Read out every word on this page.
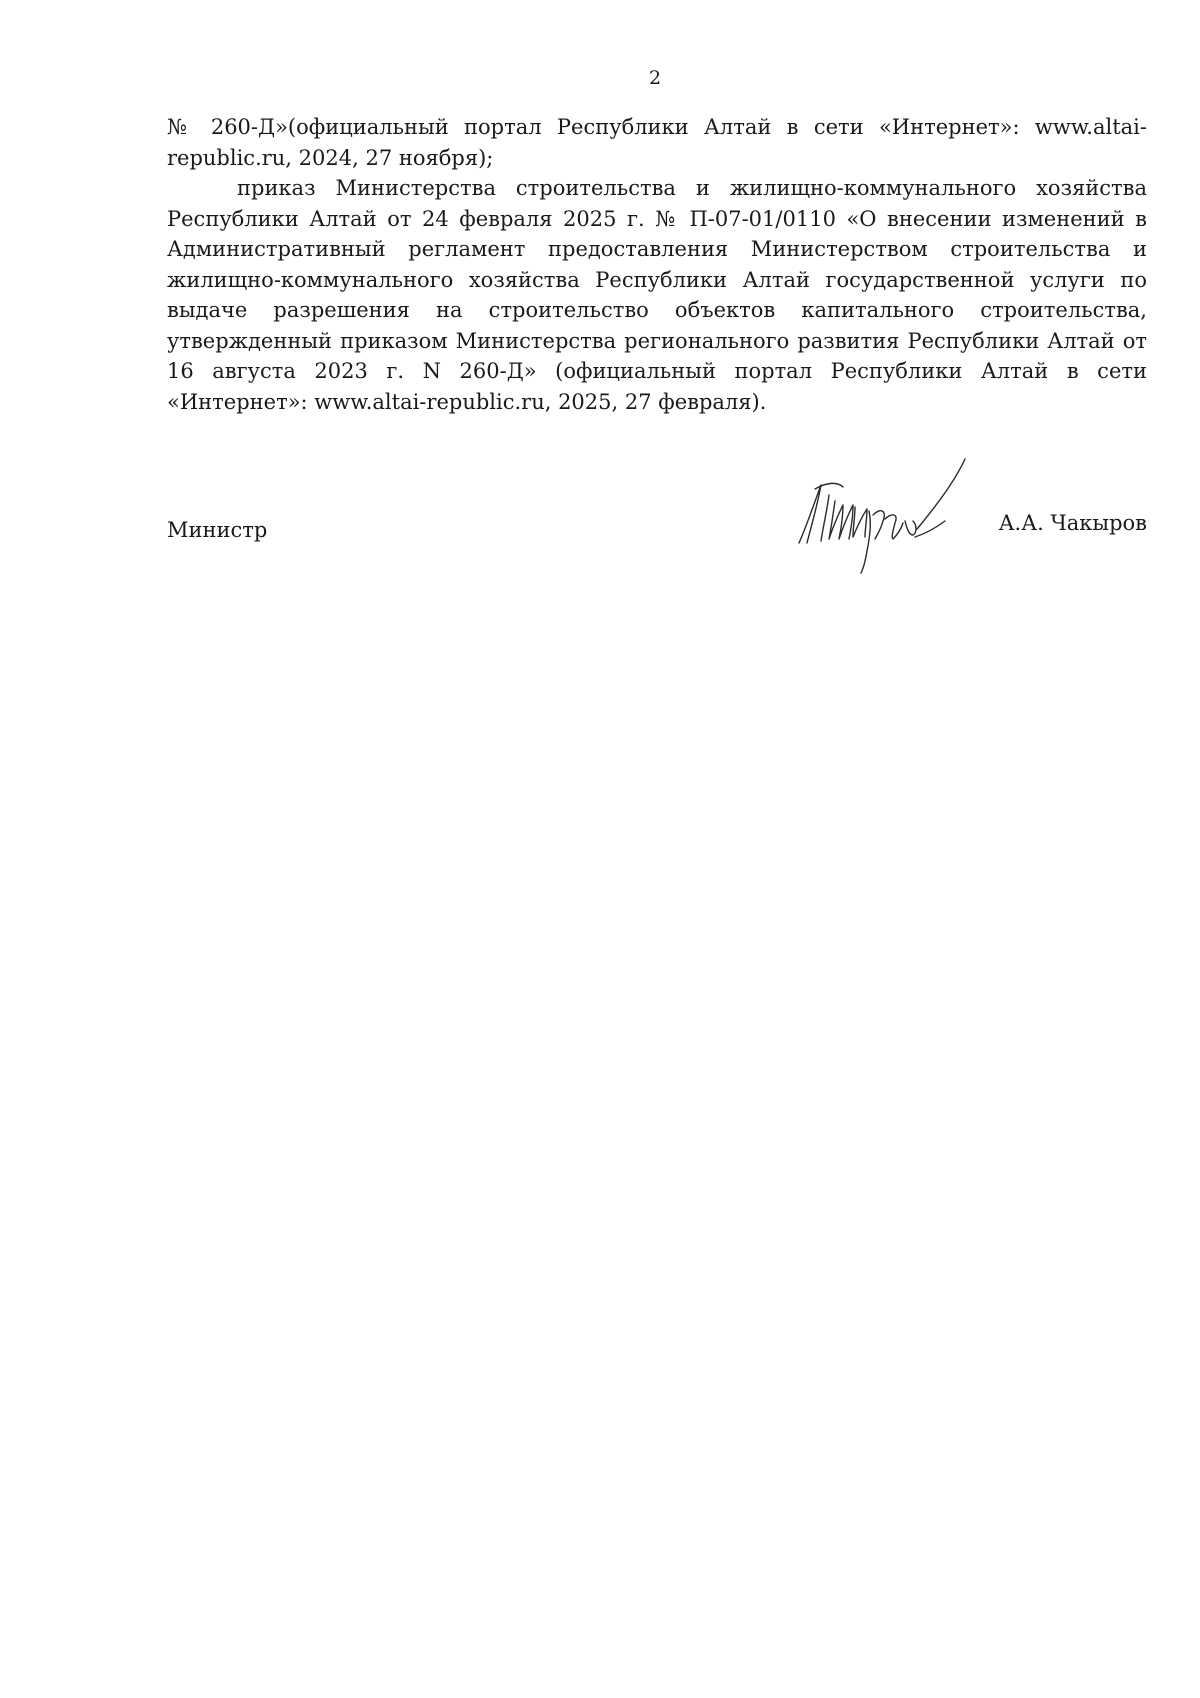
2

№ 260-Д»(официальный портал Республики Алтай в сети «Интернет»: www.altai-republic.ru, 2024, 27 ноября);

приказ Министерства строительства и жилищно-коммунального хозяйства Республики Алтай от 24 февраля 2025 г. № П-07-01/0110 «О внесении изменений в Административный регламент предоставления Министерством строительства и жилищно-коммунального хозяйства Республики Алтай государственной услуги по выдаче разрешения на строительство объектов капитального строительства, утвержденный приказом Министерства регионального развития Республики Алтай от 16 августа 2023 г. N 260-Д» (официальный портал Республики Алтай в сети «Интернет»: www.altai-republic.ru, 2025, 27 февраля).

Министр	А.А. Чакыров
